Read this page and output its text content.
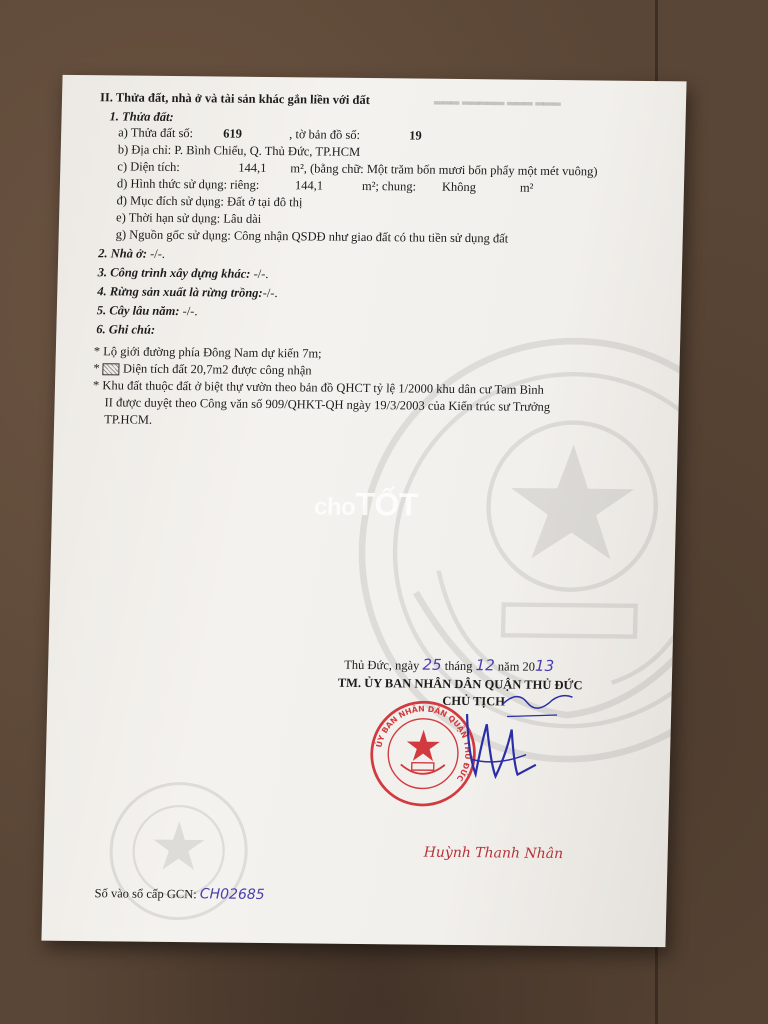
II. Thửa đất, nhà ở và tài sản khác gắn liền với đất	▂▂▂ ▂▂▂▂▂ ▂▂▂ ▂▂▂
1. Thửa đất:
a) Thửa đất số: 619	, tờ bản đồ số:	19
b) Địa chỉ: P. Bình Chiểu, Q. Thủ Đức, TP.HCM
c) Diện tích:	144,1 m², (bằng chữ: Một trăm bốn mươi bốn phẩy một mét vuông)
d) Hình thức sử dụng: riêng:	144,1	m²; chung: Không	m²
đ) Mục đích sử dụng: Đất ở tại đô thị
e) Thời hạn sử dụng: Lâu dài
g) Nguồn gốc sử dụng: Công nhận QSDĐ như giao đất có thu tiền sử dụng đất
2. Nhà ở: -/-.
3. Công trình xây dựng khác: -/-.
4. Rừng sản xuất là rừng trồng:-/-.
5. Cây lâu năm: -/-.
6. Ghi chú:
* Lộ giới đường phía Đông Nam dự kiến 7m;
*  Diện tích đất 20,7m2 được công nhận
* Khu đất thuộc đất ở biệt thự vườn theo bản đồ QHCT tỷ lệ 1/2000 khu dân cư Tam Bình
II được duyệt theo Công văn số 909/QHKT-QH ngày 19/3/2003 của Kiến trúc sư Trưởng
TP.HCM.
choTỐT
Thủ Đức, ngày 25 tháng 12 năm 2013
TM. ỦY BAN NHÂN DÂN QUẬN THỦ ĐỨC
CHỦ TỊCH
ỦY BAN NHÂN DÂN QUẬN THỦ ĐỨC
Huỳnh Thanh Nhân
Số vào sổ cấp GCN: CH02685
